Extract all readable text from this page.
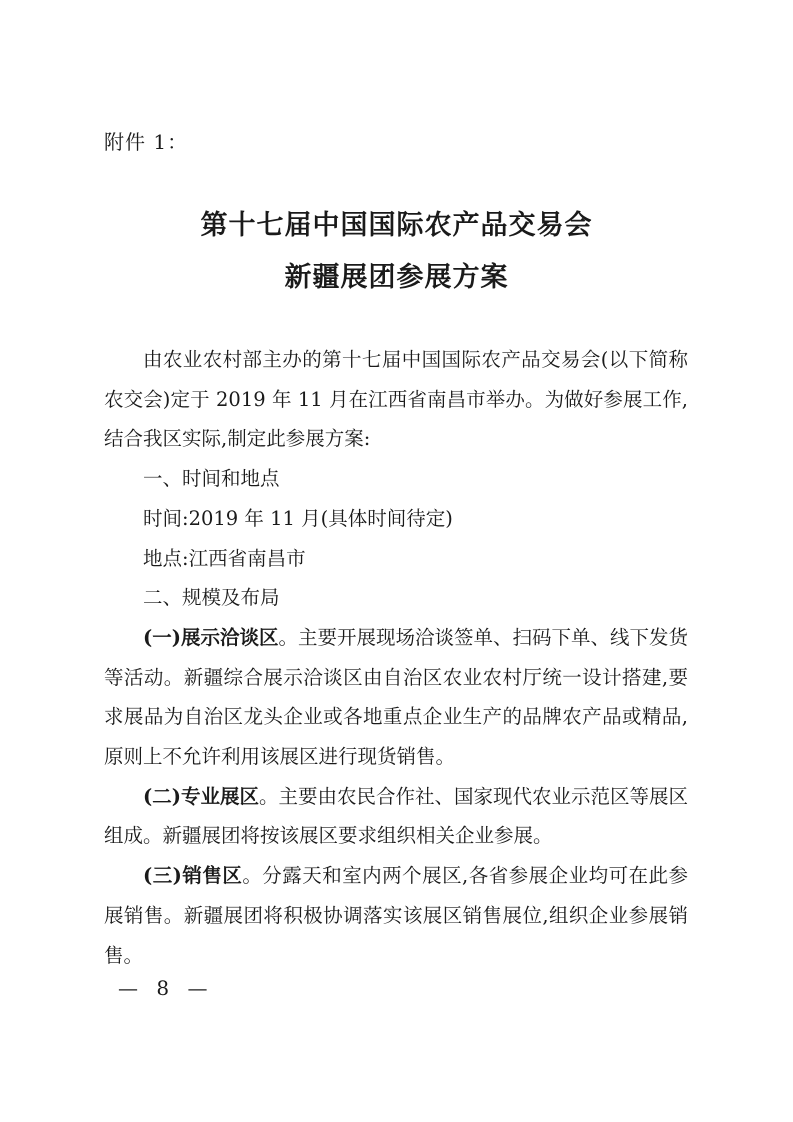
附件 1：
第十七届中国国际农产品交易会
新疆展团参展方案

由农业农村部主办的第十七届中国国际农产品交易会(以下简称农交会)定于 2019 年 11 月在江西省南昌市举办。为做好参展工作,结合我区实际,制定此参展方案:

一、时间和地点

时间:2019 年 11 月(具体时间待定)

地点:江西省南昌市

二、规模及布局

(一)展示洽谈区。主要开展现场洽谈签单、扫码下单、线下发货等活动。新疆综合展示洽谈区由自治区农业农村厅统一设计搭建,要求展品为自治区龙头企业或各地重点企业生产的品牌农产品或精品,原则上不允许利用该展区进行现货销售。

(二)专业展区。主要由农民合作社、国家现代农业示范区等展区组成。新疆展团将按该展区要求组织相关企业参展。

(三)销售区。分露天和室内两个展区,各省参展企业均可在此参展销售。新疆展团将积极协调落实该展区销售展位,组织企业参展销售。

— 8 —
